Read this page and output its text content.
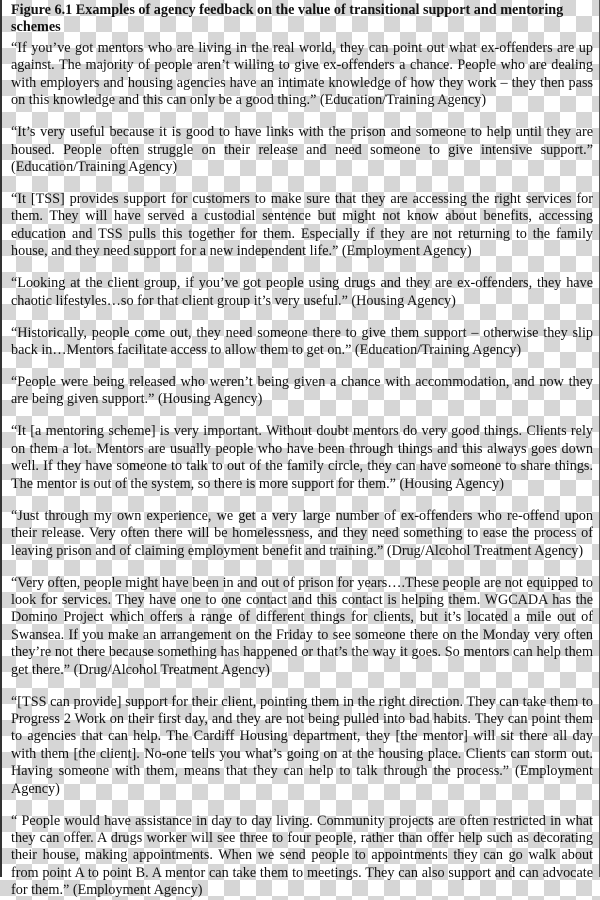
Figure 6.1 Examples of agency feedback on the value of transitional support and mentoring schemes

“If you’ve got mentors who are living in the real world, they can point out what ex-offenders are up against. The majority of people aren’t willing to give ex-offenders a chance. People who are dealing with employers and housing agencies have an intimate knowledge of how they work – they then pass on this knowledge and this can only be a good thing.” (Education/Training Agency)

“It’s very useful because it is good to have links with the prison and someone to help until they are housed. People often struggle on their release and need someone to give intensive support.” (Education/Training Agency)

“It [TSS] provides support for customers to make sure that they are accessing the right services for them. They will have served a custodial sentence but might not know about benefits, accessing education and TSS pulls this together for them. Especially if they are not returning to the family house, and they need support for a new independent life.” (Employment Agency)

“Looking at the client group, if you’ve got people using drugs and they are ex-offenders, they have chaotic lifestyles…so for that client group it’s very useful.” (Housing Agency)

“Historically, people come out, they need someone there to give them support – otherwise they slip back in…Mentors facilitate access to allow them to get on.” (Education/Training Agency)

“People were being released who weren’t being given a chance with accommodation, and now they are being given support.” (Housing Agency)

“It [a mentoring scheme] is very important. Without doubt mentors do very good things. Clients rely on them a lot. Mentors are usually people who have been through things and this always goes down well. If they have someone to talk to out of the family circle, they can have someone to share things. The mentor is out of the system, so there is more support for them.” (Housing Agency)

“Just through my own experience, we get a very large number of ex-offenders who re-offend upon their release. Very often there will be homelessness, and they need something to ease the process of leaving prison and of claiming employment benefit and training.” (Drug/Alcohol Treatment Agency)

“Very often, people might have been in and out of prison for years….These people are not equipped to look for services. They have one to one contact and this contact is helping them. WGCADA has the Domino Project which offers a range of different things for clients, but it’s located a mile out of Swansea. If you make an arrangement on the Friday to see someone there on the Monday very often they’re not there because something has happened or that’s the way it goes. So mentors can help them get there.” (Drug/Alcohol Treatment Agency)

“[TSS can provide] support for their client, pointing them in the right direction. They can take them to Progress 2 Work on their first day, and they are not being pulled into bad habits. They can point them to agencies that can help. The Cardiff Housing department, they [the mentor] will sit there all day with them [the client]. No-one tells you what’s going on at the housing place. Clients can storm out. Having someone with them, means that they can help to talk through the process.” (Employment Agency)

“ People would have assistance in day to day living. Community projects are often restricted in what they can offer. A drugs worker will see three to four people, rather than offer help such as decorating their house, making appointments. When we send people to appointments they can go walk about from point A to point B. A mentor can take them to meetings. They can also support and can advocate for them.” (Employment Agency)
